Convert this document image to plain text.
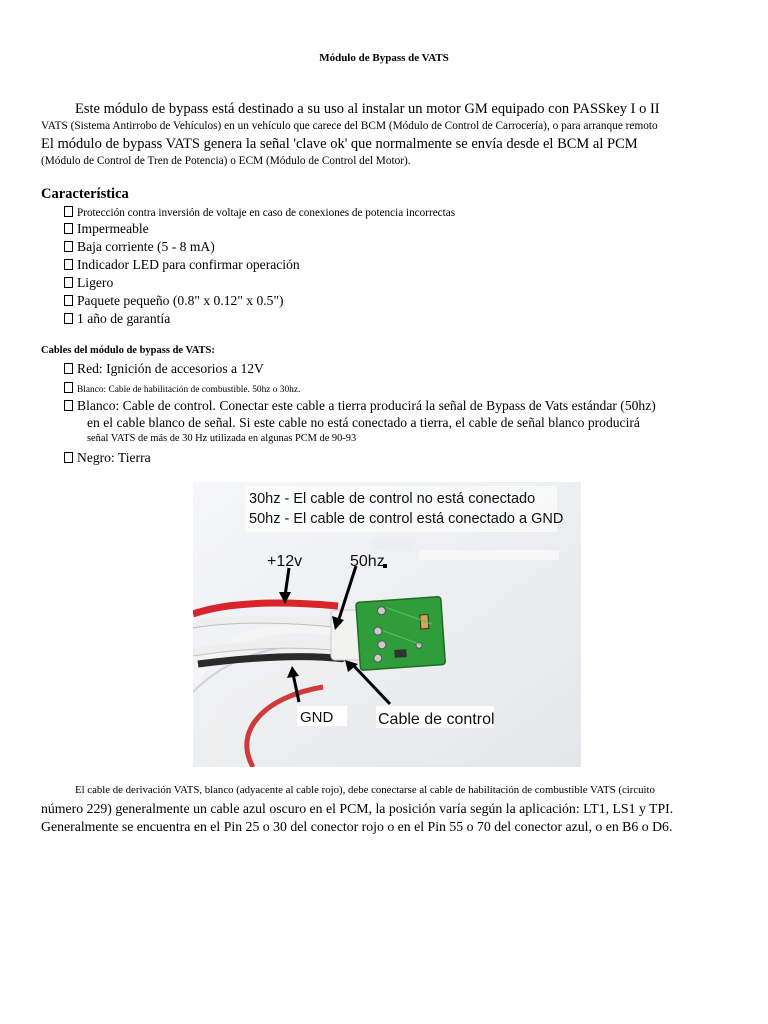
Módulo de Bypass de VATS
Este módulo de bypass está destinado a su uso al instalar un motor GM equipado con PASSkey I o II
VATS (Sistema Antirrobo de Vehículos) en un vehículo que carece del BCM (Módulo de Control de Carrocería), o para arranque remoto
El módulo de bypass VATS genera la señal 'clave ok' que normalmente se envía desde el BCM al PCM
(Módulo de Control de Tren de Potencia) o ECM (Módulo de Control del Motor).
Característica
Protección contra inversión de voltaje en caso de conexiones de potencia incorrectas
Impermeable
Baja corriente (5 - 8 mA)
Indicador LED para confirmar operación
Ligero
Paquete pequeño (0.8" x 0.12" x 0.5")
1 año de garantía
Cables del módulo de bypass de VATS:
Red: Ignición de accesorios a 12V
Blanco: Cable de habilitación de combustible. 50hz o 30hz.
Blanco: Cable de control. Conectar este cable a tierra producirá la señal de Bypass de Vats estándar (50hz)
en el cable blanco de señal. Si este cable no está conectado a tierra, el cable de señal blanco producirá
señal VATS de más de 30 Hz utilizada en algunas PCM de 90-93
Negro: Tierra
30hz - El cable de control no está conectado
50hz - El cable de control está conectado a GND
+12v	50hz
GND	Cable de control
El cable de derivación VATS, blanco (adyacente al cable rojo), debe conectarse al cable de habilitación de combustible VATS (circuito
número 229) generalmente un cable azul oscuro en el PCM, la posición varía según la aplicación: LT1, LS1 y TPI.
Generalmente se encuentra en el Pin 25 o 30 del conector rojo o en el Pin 55 o 70 del conector azul, o en B6 o D6.
